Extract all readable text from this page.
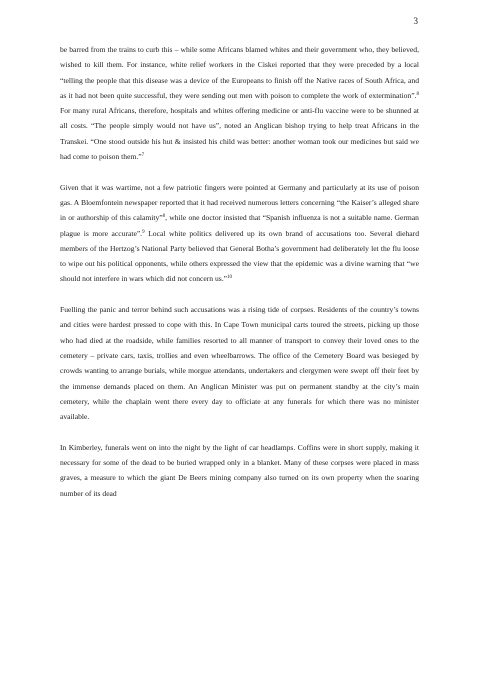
3

be barred from the trains to curb this – while some Africans blamed whites and their government who, they believed, wished to kill them. For instance, white relief workers in the Ciskei reported that they were preceded by a local “telling the people that this disease was a device of the Europeans to finish off the Native races of South Africa, and as it had not been quite successful, they were sending out men with poison to complete the work of extermination”.$^8$ For many rural Africans, therefore, hospitals and whites offering medicine or anti-flu vaccine were to be shunned at all costs. “The people simply would not have us”, noted an Anglican bishop trying to help treat Africans in the Transkei. “One stood outside his hut & insisted his child was better: another woman took our medicines but said we had come to poison them.”$^7$

Given that it was wartime, not a few patriotic fingers were pointed at Germany and particularly at its use of poison gas. A Bloemfontein newspaper reported that it had received numerous letters concerning “the Kaiser’s alleged share in or authorship of this calamity”$^8$, while one doctor insisted that “Spanish influenza is not a suitable name. German plague is more accurate”.$^9$ Local white politics delivered up its own brand of accusations too. Several diehard members of the Hertzog’s National Party believed that General Botha’s government had deliberately let the flu loose to wipe out his political opponents, while others expressed the view that the epidemic was a divine warning that “we should not interfere in wars which did not concern us.”$^{10}$

Fuelling the panic and terror behind such accusations was a rising tide of corpses. Residents of the country’s towns and cities were hardest pressed to cope with this. In Cape Town municipal carts toured the streets, picking up those who had died at the roadside, while families resorted to all manner of transport to convey their loved ones to the cemetery – private cars, taxis, trollies and even wheelbarrows. The office of the Cemetery Board was besieged by crowds wanting to arrange burials, while morgue attendants, undertakers and clergymen were swept off their feet by the immense demands placed on them. An Anglican Minister was put on permanent standby at the city’s main cemetery, while the chaplain went there every day to officiate at any funerals for which there was no minister available.

In Kimberley, funerals went on into the night by the light of car headlamps. Coffins were in short supply, making it necessary for some of the dead to be buried wrapped only in a blanket. Many of these corpses were placed in mass graves, a measure to which the giant De Beers mining company also turned on its own property when the soaring number of its dead
